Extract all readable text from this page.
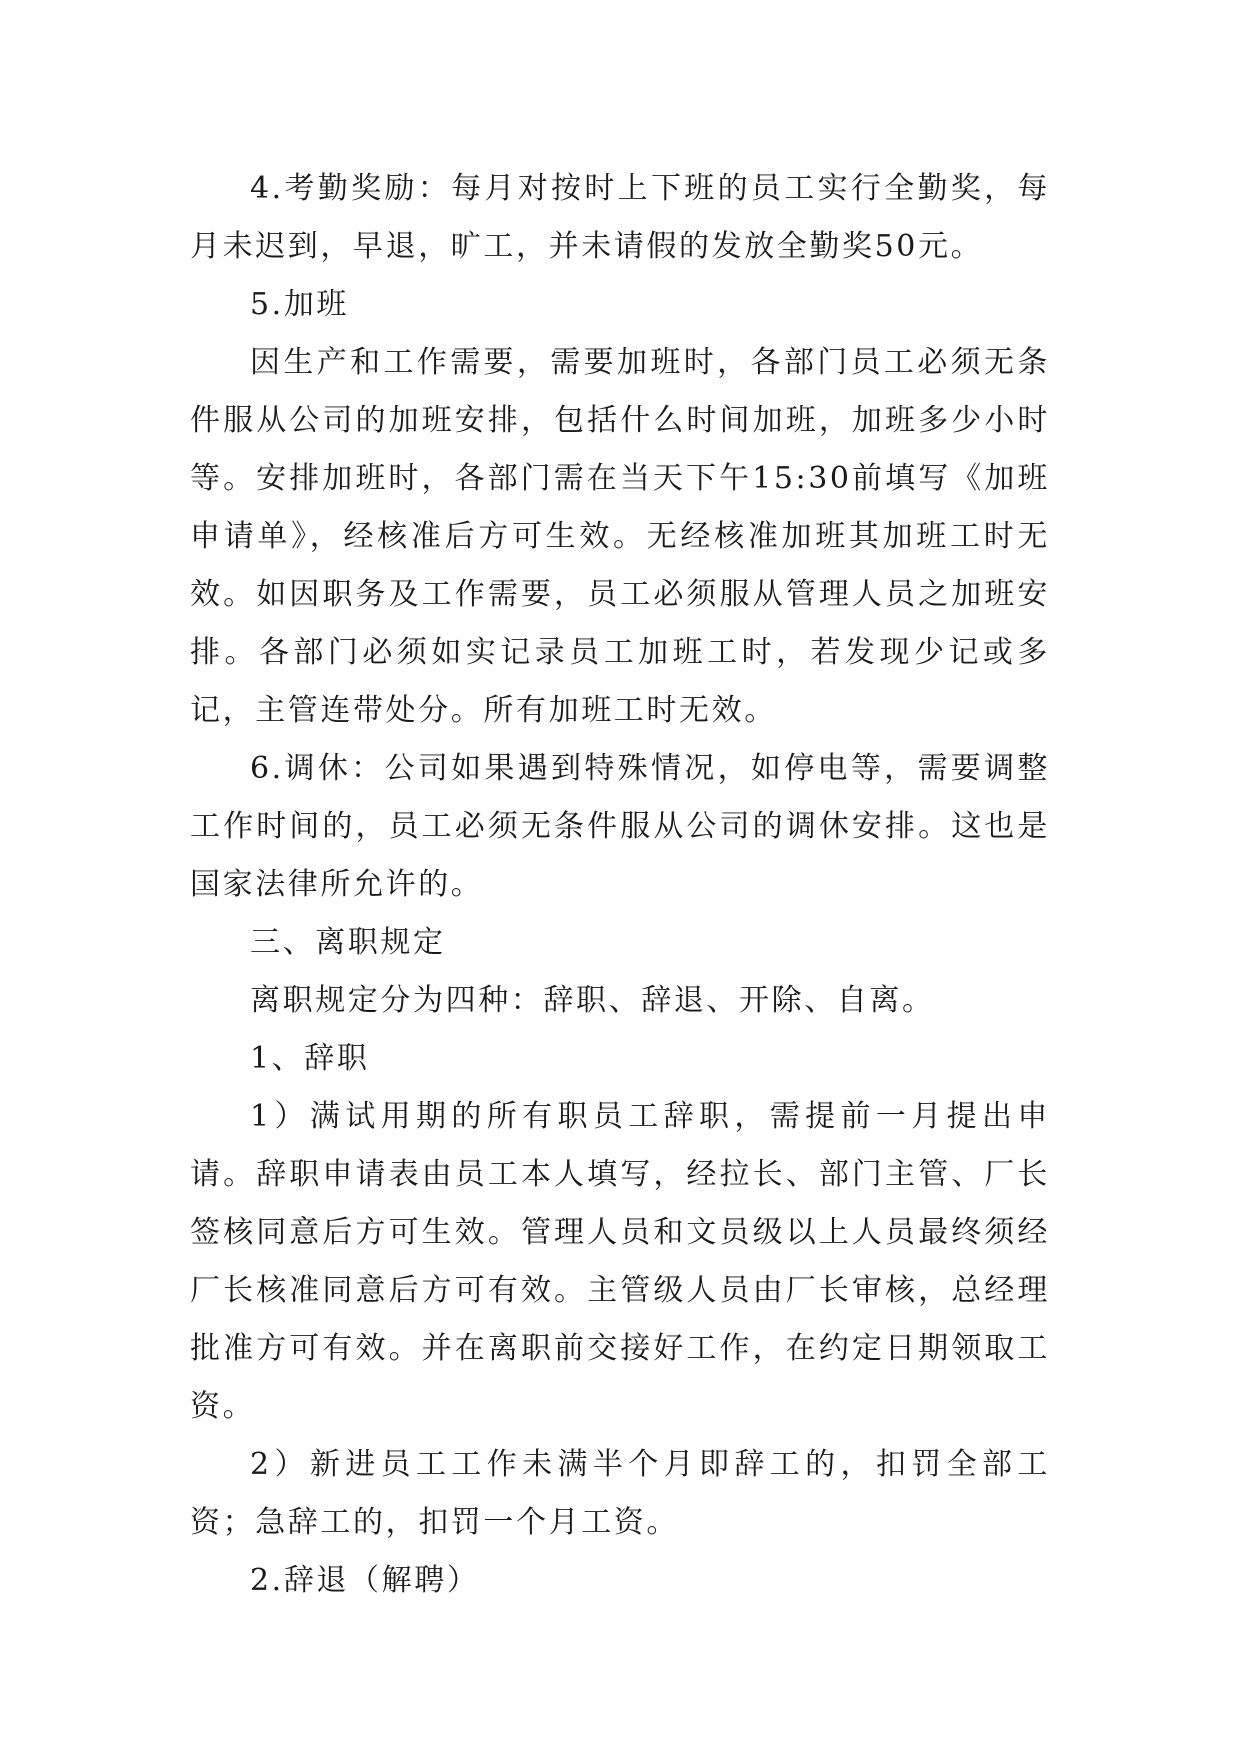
4.考勤奖励：每月对按时上下班的员工实行全勤奖，每月未迟到，早退，旷工，并未请假的发放全勤奖50元。

5.加班

因生产和工作需要，需要加班时，各部门员工必须无条件服从公司的加班安排，包括什么时间加班，加班多少小时等。安排加班时，各部门需在当天下午15:30前填写《加班申请单》，经核准后方可生效。无经核准加班其加班工时无效。如因职务及工作需要，员工必须服从管理人员之加班安排。各部门必须如实记录员工加班工时，若发现少记或多记，主管连带处分。所有加班工时无效。

6.调休：公司如果遇到特殊情况，如停电等，需要调整工作时间的，员工必须无条件服从公司的调休安排。这也是国家法律所允许的。

三、离职规定

离职规定分为四种：辞职、辞退、开除、自离。

1、辞职

1）满试用期的所有职员工辞职，需提前一月提出申请。辞职申请表由员工本人填写，经拉长、部门主管、厂长签核同意后方可生效。管理人员和文员级以上人员最终须经厂长核准同意后方可有效。主管级人员由厂长审核，总经理批准方可有效。并在离职前交接好工作，在约定日期领取工资。

2）新进员工工作未满半个月即辞工的，扣罚全部工资；急辞工的，扣罚一个月工资。

2.辞退（解聘）
